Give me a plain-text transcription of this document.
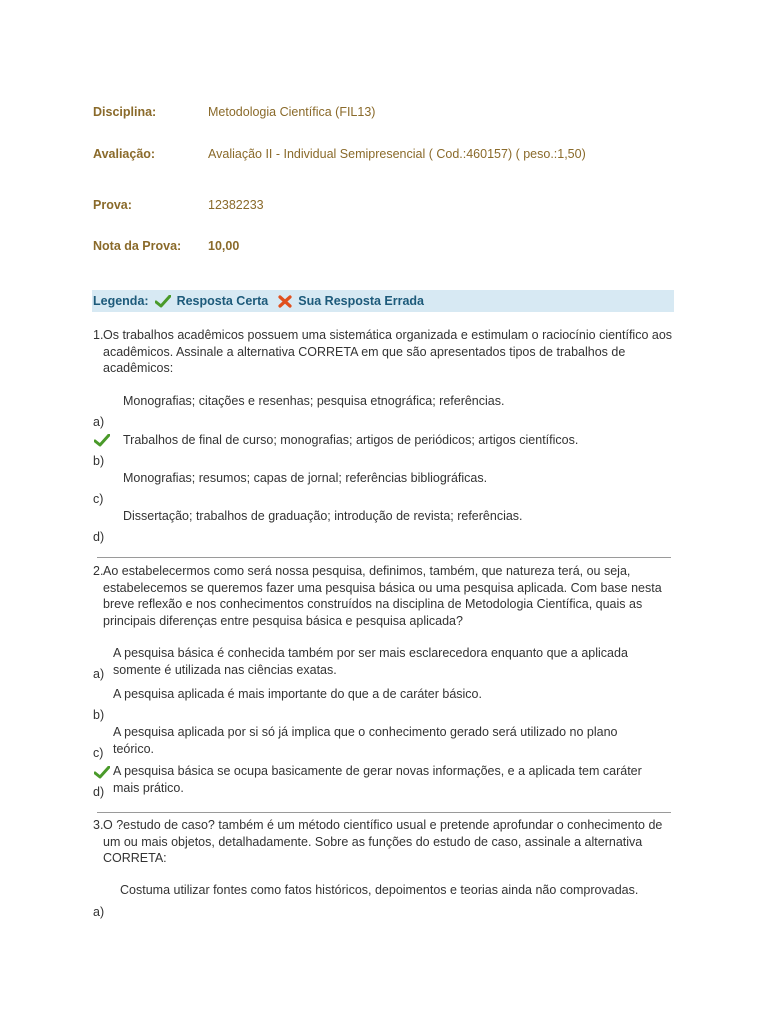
Disciplina:	Metodologia Científica (FIL13)
Avaliação:	Avaliação II - Individual Semipresencial ( Cod.:460157) ( peso.:1,50)
Prova:	12382233
Nota da Prova: 10,00
Legenda: Resposta Certa Sua Resposta Errada
1. Os trabalhos acadêmicos possuem uma sistemática organizada e estimulam o raciocínio científico aos acadêmicos. Assinale a alternativa CORRETA em que são apresentados tipos de trabalhos de acadêmicos:
Monografias; citações e resenhas; pesquisa etnográfica; referências.
a)
Trabalhos de final de curso; monografias; artigos de periódicos; artigos científicos.
b)
Monografias; resumos; capas de jornal; referências bibliográficas.
c)
Dissertação; trabalhos de graduação; introdução de revista; referências.
d)
2. Ao estabelecermos como será nossa pesquisa, definimos, também, que natureza terá, ou seja, estabelecemos se queremos fazer uma pesquisa básica ou uma pesquisa aplicada. Com base nesta breve reflexão e nos conhecimentos construídos na disciplina de Metodologia Científica, quais as principais diferenças entre pesquisa básica e pesquisa aplicada?
A pesquisa básica é conhecida também por ser mais esclarecedora enquanto que a aplicada somente é utilizada nas ciências exatas.
a)
A pesquisa aplicada é mais importante do que a de caráter básico.
b)
A pesquisa aplicada por si só já implica que o conhecimento gerado será utilizado no plano teórico.
c)
A pesquisa básica se ocupa basicamente de gerar novas informações, e a aplicada tem caráter mais prático.
d)
3. O ?estudo de caso? também é um método científico usual e pretende aprofundar o conhecimento de um ou mais objetos, detalhadamente. Sobre as funções do estudo de caso, assinale a alternativa CORRETA:
Costuma utilizar fontes como fatos históricos, depoimentos e teorias ainda não comprovadas.
a)
